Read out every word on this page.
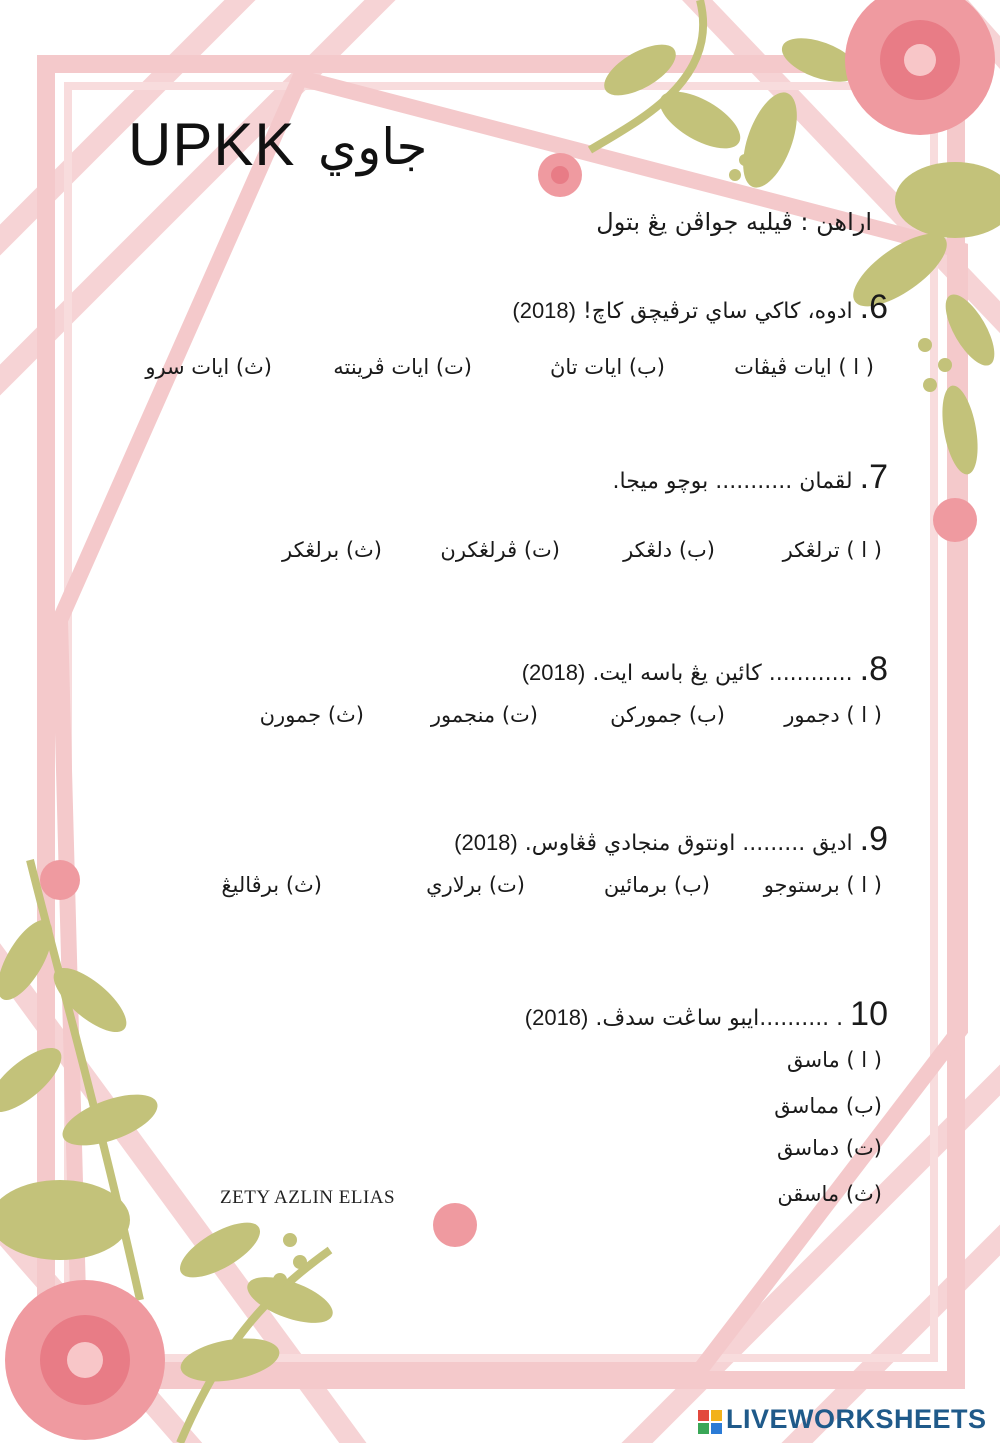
UPKK جاوي
اراهن : ڤيليه جواڤن يڠ بتول
6. ادوه، كاكي ساي ترڤيچق كاچ! (2018)
( ا ) ايات ڤيڤات
(ب) ايات تاڽ
(ت) ايات ڤرينته
(ث) ايات سرو
7. لقمان ........... بوچو ميجا.
( ا ) ترلڠکر
(ب) دلڠکر
(ت) ڤرلڠکرن
(ث) برلڠکر
8. ............ كائين يڠ باسه ايت. (2018)
( ا ) دجمور
(ب) جمورکن
(ت) منجمور
(ث) جمورن
9. اديق ......... اونتوق منجادي ڤڠاوس. (2018)
( ا ) برستوجو
(ب) برمائين
(ت) برلاري
(ث) برڤاليڠ
10 . ..........ايبو ساڠت سدڤ. (2018)
( ا ) ماسق
(ب) مماسق
(ت) دماسق
(ث) ماسقن
ZETY AZLIN ELIAS
LIVEWORKSHEETS
